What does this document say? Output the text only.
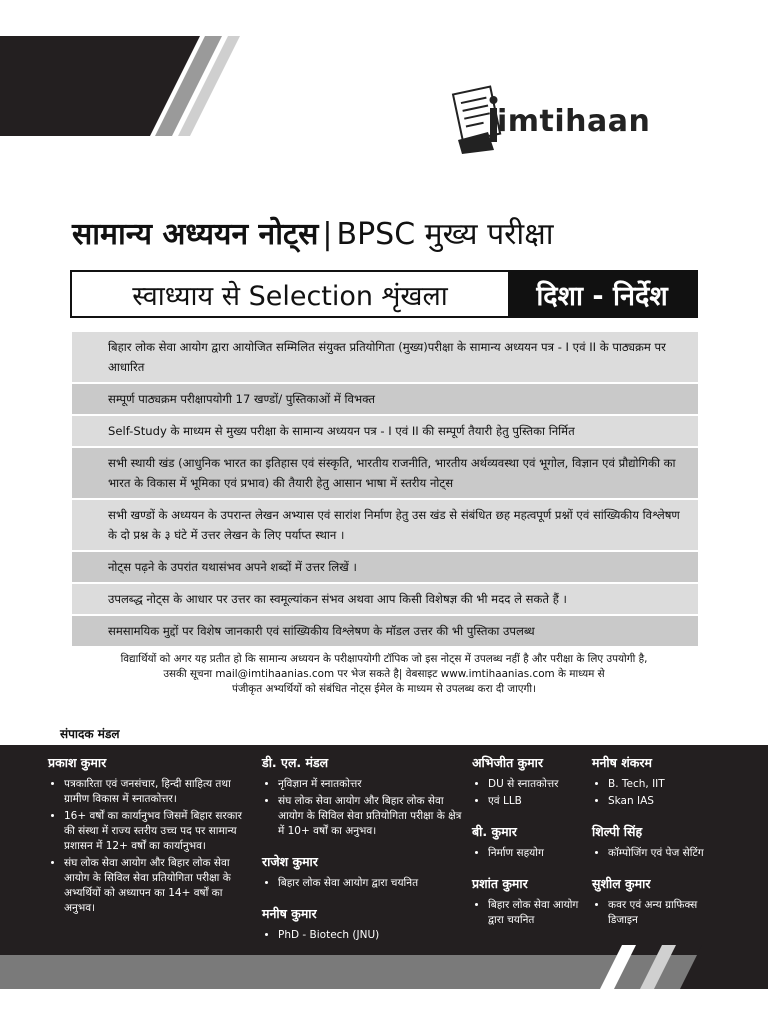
imtihaan
सामान्य अध्ययन नोट्स | BPSC मुख्य परीक्षा
स्वाध्याय से Selection शृंखला	दिशा - निर्देश
बिहार लोक सेवा आयोग द्वारा आयोजित सम्मिलित संयुक्त प्रतियोगिता (मुख्य)परीक्षा के सामान्य अध्ययन पत्र - I एवं II के पाठ्यक्रम पर आधारित
सम्पूर्ण पाठ्यक्रम परीक्षापयोगी 17 खण्डों/ पुस्तिकाओं में विभक्त
Self-Study के माध्यम से मुख्य परीक्षा के सामान्य अध्ययन पत्र - I एवं II की सम्पूर्ण तैयारी हेतु पुस्तिका निर्मित
सभी स्थायी खंड (आधुनिक भारत का इतिहास एवं संस्कृति, भारतीय राजनीति, भारतीय अर्थव्यवस्था एवं भूगोल, विज्ञान एवं प्रौद्योगिकी का भारत के विकास में भूमिका एवं प्रभाव) की तैयारी हेतु आसान भाषा में स्तरीय नोट्स
सभी खण्डों के अध्ययन के उपरान्त लेखन अभ्यास एवं सारांश निर्माण हेतु उस खंड से संबंधित छह महत्वपूर्ण प्रश्नों एवं सांख्यिकीय विश्लेषण के दो प्रश्न के ३ घंटे में उत्तर लेखन के लिए पर्याप्त स्थान ।
नोट्स पढ़ने के उपरांत यथासंभव अपने शब्दों में उत्तर लिखें ।
उपलब्द्ध नोट्स के आधार पर उत्तर का स्वमूल्यांकन संभव अथवा आप किसी विशेषज्ञ की भी मदद ले सकते हैं ।
समसामयिक मुद्दों पर विशेष जानकारी एवं सांख्यिकीय विश्लेषण के मॉडल उत्तर की भी पुस्तिका उपलब्ध
विद्यार्थियों को अगर यह प्रतीत हो कि सामान्य अध्ययन के परीक्षापयोगी टॉपिक जो इस नोट्स में उपलब्ध नहीं है और परीक्षा के लिए उपयोगी है,
उसकी सूचना mail@imtihaanias.com पर भेज सकते है| वेबसाइट www.imtihaanias.com के माध्यम से
पंजीकृत अभ्यर्थियों को संबंधित नोट्स ईमेल के माध्यम से उपलब्ध करा दी जाएगी।
संपादक मंडल
प्रकाश कुमार
• पत्रकारिता एवं जनसंचार, हिन्दी साहित्य तथा ग्रामीण विकास में स्नातकोत्तर।
• 16+ वर्षों का कार्यानुभव जिसमें बिहार सरकार की संस्था में राज्य स्तरीय उच्च पद पर सामान्य प्रशासन में 12+ वर्षों का कार्यानुभव।
• संघ लोक सेवा आयोग और बिहार लोक सेवा आयोग के सिविल सेवा प्रतियोगिता परीक्षा के अभ्यर्थियों को अध्यापन का 14+ वर्षों का अनुभव।
डी. एल. मंडल
• नृविज्ञान में स्नातकोत्तर
• संघ लोक सेवा आयोग और बिहार लोक सेवा आयोग के सिविल सेवा प्रतियोगिता परीक्षा के क्षेत्र में 10+ वर्षों का अनुभव।
राजेश कुमार
• बिहार लोक सेवा आयोग द्वारा चयनित
मनीष कुमार
• PhD - Biotech (JNU)
अभिजीत कुमार
• DU से स्नातकोत्तर
• एवं LLB
बी. कुमार
• निर्माण सहयोग
प्रशांत कुमार
• बिहार लोक सेवा आयोग द्वारा चयनित
मनीष शंकरम
• B. Tech, IIT
• Skan IAS
शिल्पी सिंह
• कॉम्पोजिंग एवं पेज सेटिंग
सुशील कुमार
• कवर एवं अन्य ग्राफिक्स डिजाइन
